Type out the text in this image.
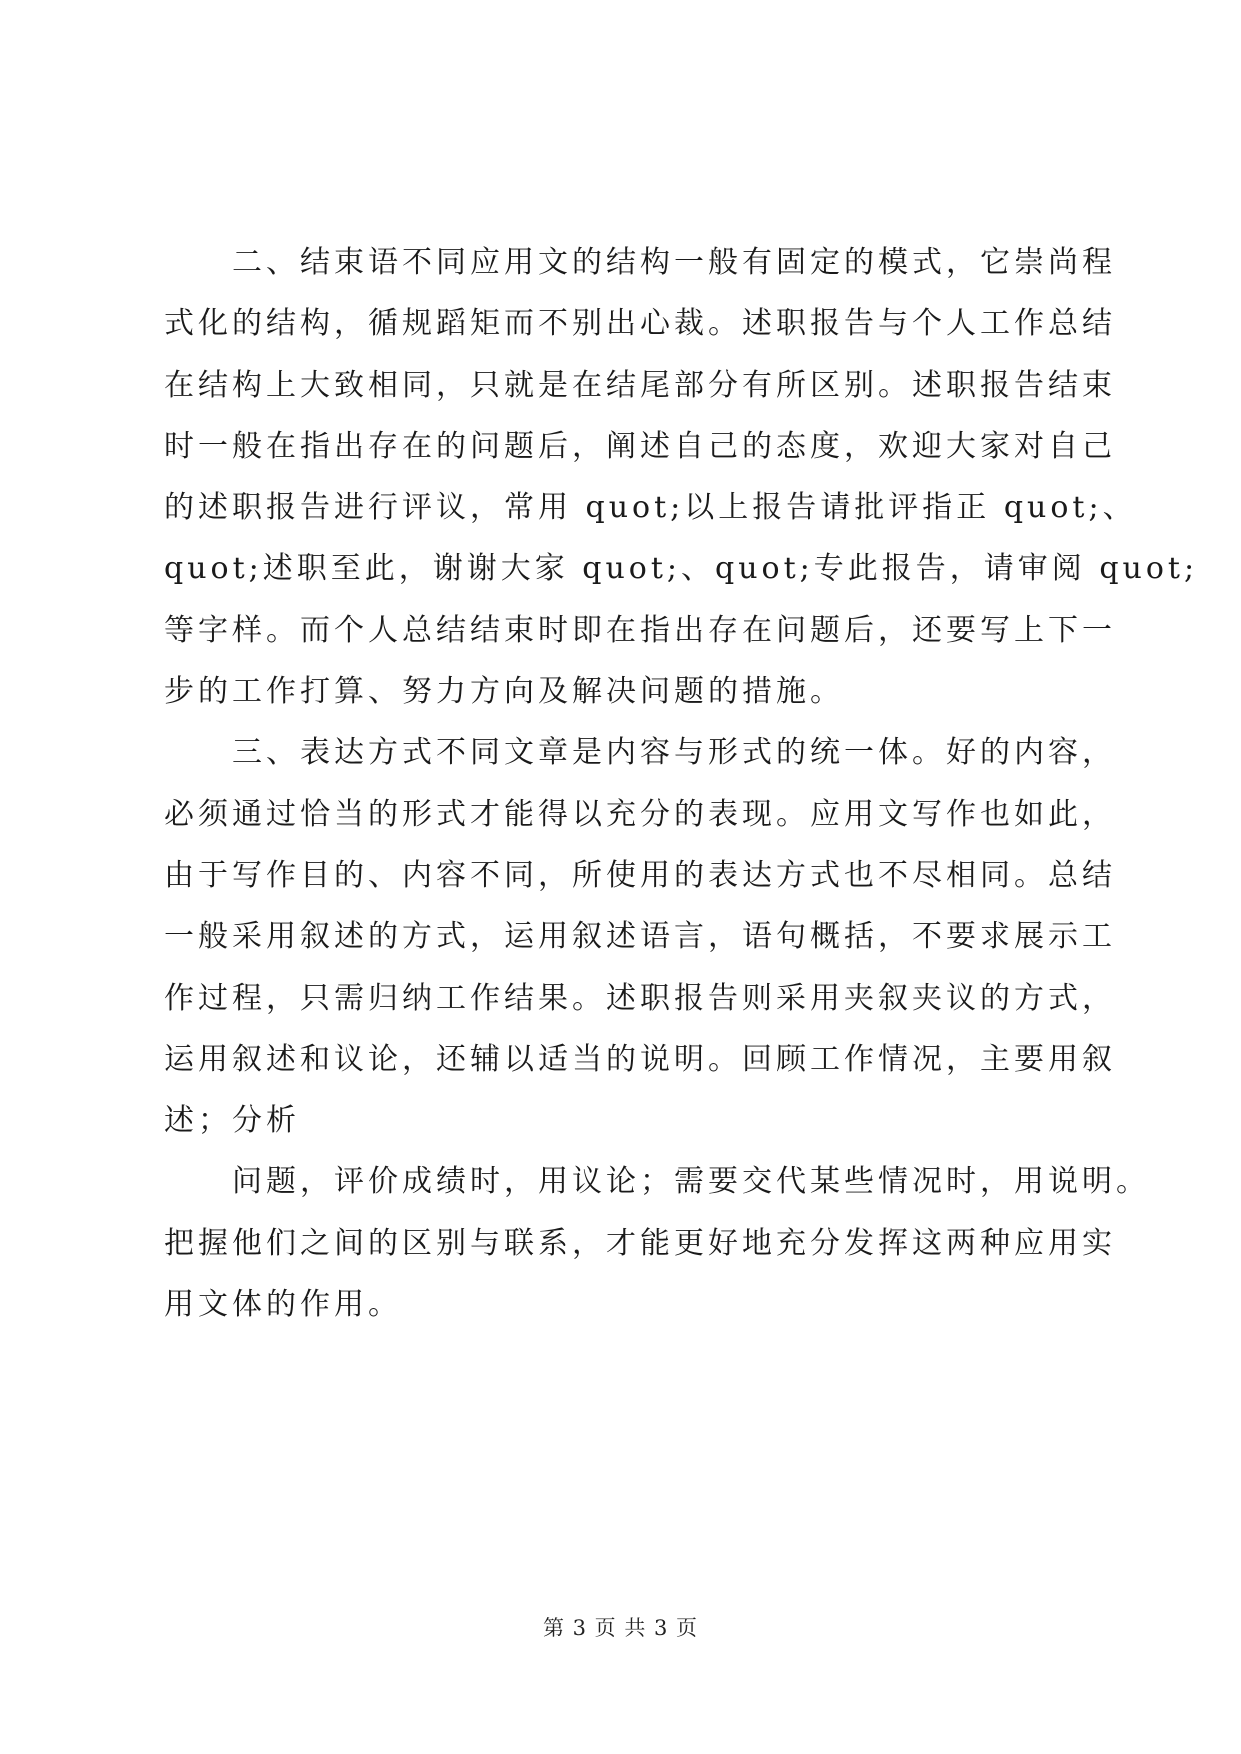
二、结束语不同应用文的结构一般有固定的模式，它崇尚程
式化的结构，循规蹈矩而不别出心裁。述职报告与个人工作总结
在结构上大致相同，只就是在结尾部分有所区别。述职报告结束
时一般在指出存在的问题后，阐述自己的态度，欢迎大家对自己
的述职报告进行评议，常用 quot;以上报告请批评指正 quot;、
quot;述职至此，谢谢大家 quot;、quot;专此报告，请审阅 quot;
等字样。而个人总结结束时即在指出存在问题后，还要写上下一
步的工作打算、努力方向及解决问题的措施。
三、表达方式不同文章是内容与形式的统一体。好的内容，
必须通过恰当的形式才能得以充分的表现。应用文写作也如此，
由于写作目的、内容不同，所使用的表达方式也不尽相同。总结
一般采用叙述的方式，运用叙述语言，语句概括，不要求展示工
作过程，只需归纳工作结果。述职报告则采用夹叙夹议的方式，
运用叙述和议论，还辅以适当的说明。回顾工作情况，主要用叙
述；分析
问题，评价成绩时，用议论；需要交代某些情况时，用说明。
把握他们之间的区别与联系，才能更好地充分发挥这两种应用实
用文体的作用。
第 3 页 共 3 页
